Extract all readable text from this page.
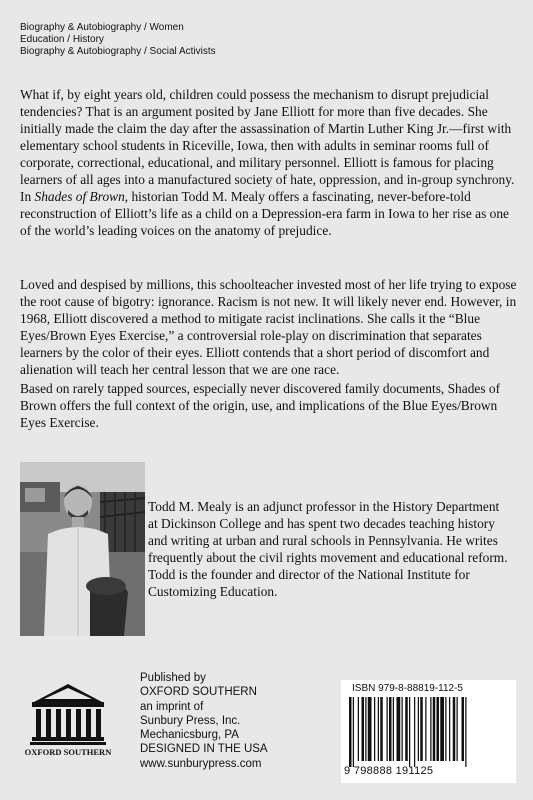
Biography & Autobiography / Women
Education / History
Biography & Autobiography / Social Activists

What if, by eight years old, children could possess the mechanism to disrupt prejudicial tendencies? That is an argument posited by Jane Elliott for more than five decades. She initially made the claim the day after the assassination of Martin Luther King Jr.—first with elementary school students in Riceville, Iowa, then with adults in seminar rooms full of corporate, correctional, educational, and military personnel. Elliott is famous for placing learners of all ages into a manufactured society of hate, oppression, and in-group synchrony. In Shades of Brown, historian Todd M. Mealy offers a fascinating, never-before-told reconstruction of Elliott’s life as a child on a Depression-era farm in Iowa to her rise as one of the world’s leading voices on the anatomy of prejudice.

Loved and despised by millions, this schoolteacher invested most of her life trying to expose the root cause of bigotry: ignorance. Racism is not new. It will likely never end. However, in 1968, Elliott discovered a method to mitigate racist inclinations. She calls it the “Blue Eyes/Brown Eyes Exercise,” a controversial role-play on discrimination that separates learners by the color of their eyes. Elliott contends that a short period of discomfort and alienation will teach her central lesson that we are one race.

Based on rarely tapped sources, especially never discovered family documents, Shades of Brown offers the full context of the origin, use, and implications of the Blue Eyes/Brown Eyes Exercise.

Todd M. Mealy is an adjunct professor in the History Department at Dickinson College and has spent two decades teaching history and writing at urban and rural schools in Pennsylvania. He writes frequently about the civil rights movement and educational reform. Todd is the founder and director of the National Institute for Customizing Education.

OXFORD SOUTHERN
Published by
OXFORD SOUTHERN
an imprint of
Sunbury Press, Inc.
Mechanicsburg, PA
DESIGNED IN THE USA
www.sunburypress.com
ISBN 979-8-88819-112-5
9 798888 191125
